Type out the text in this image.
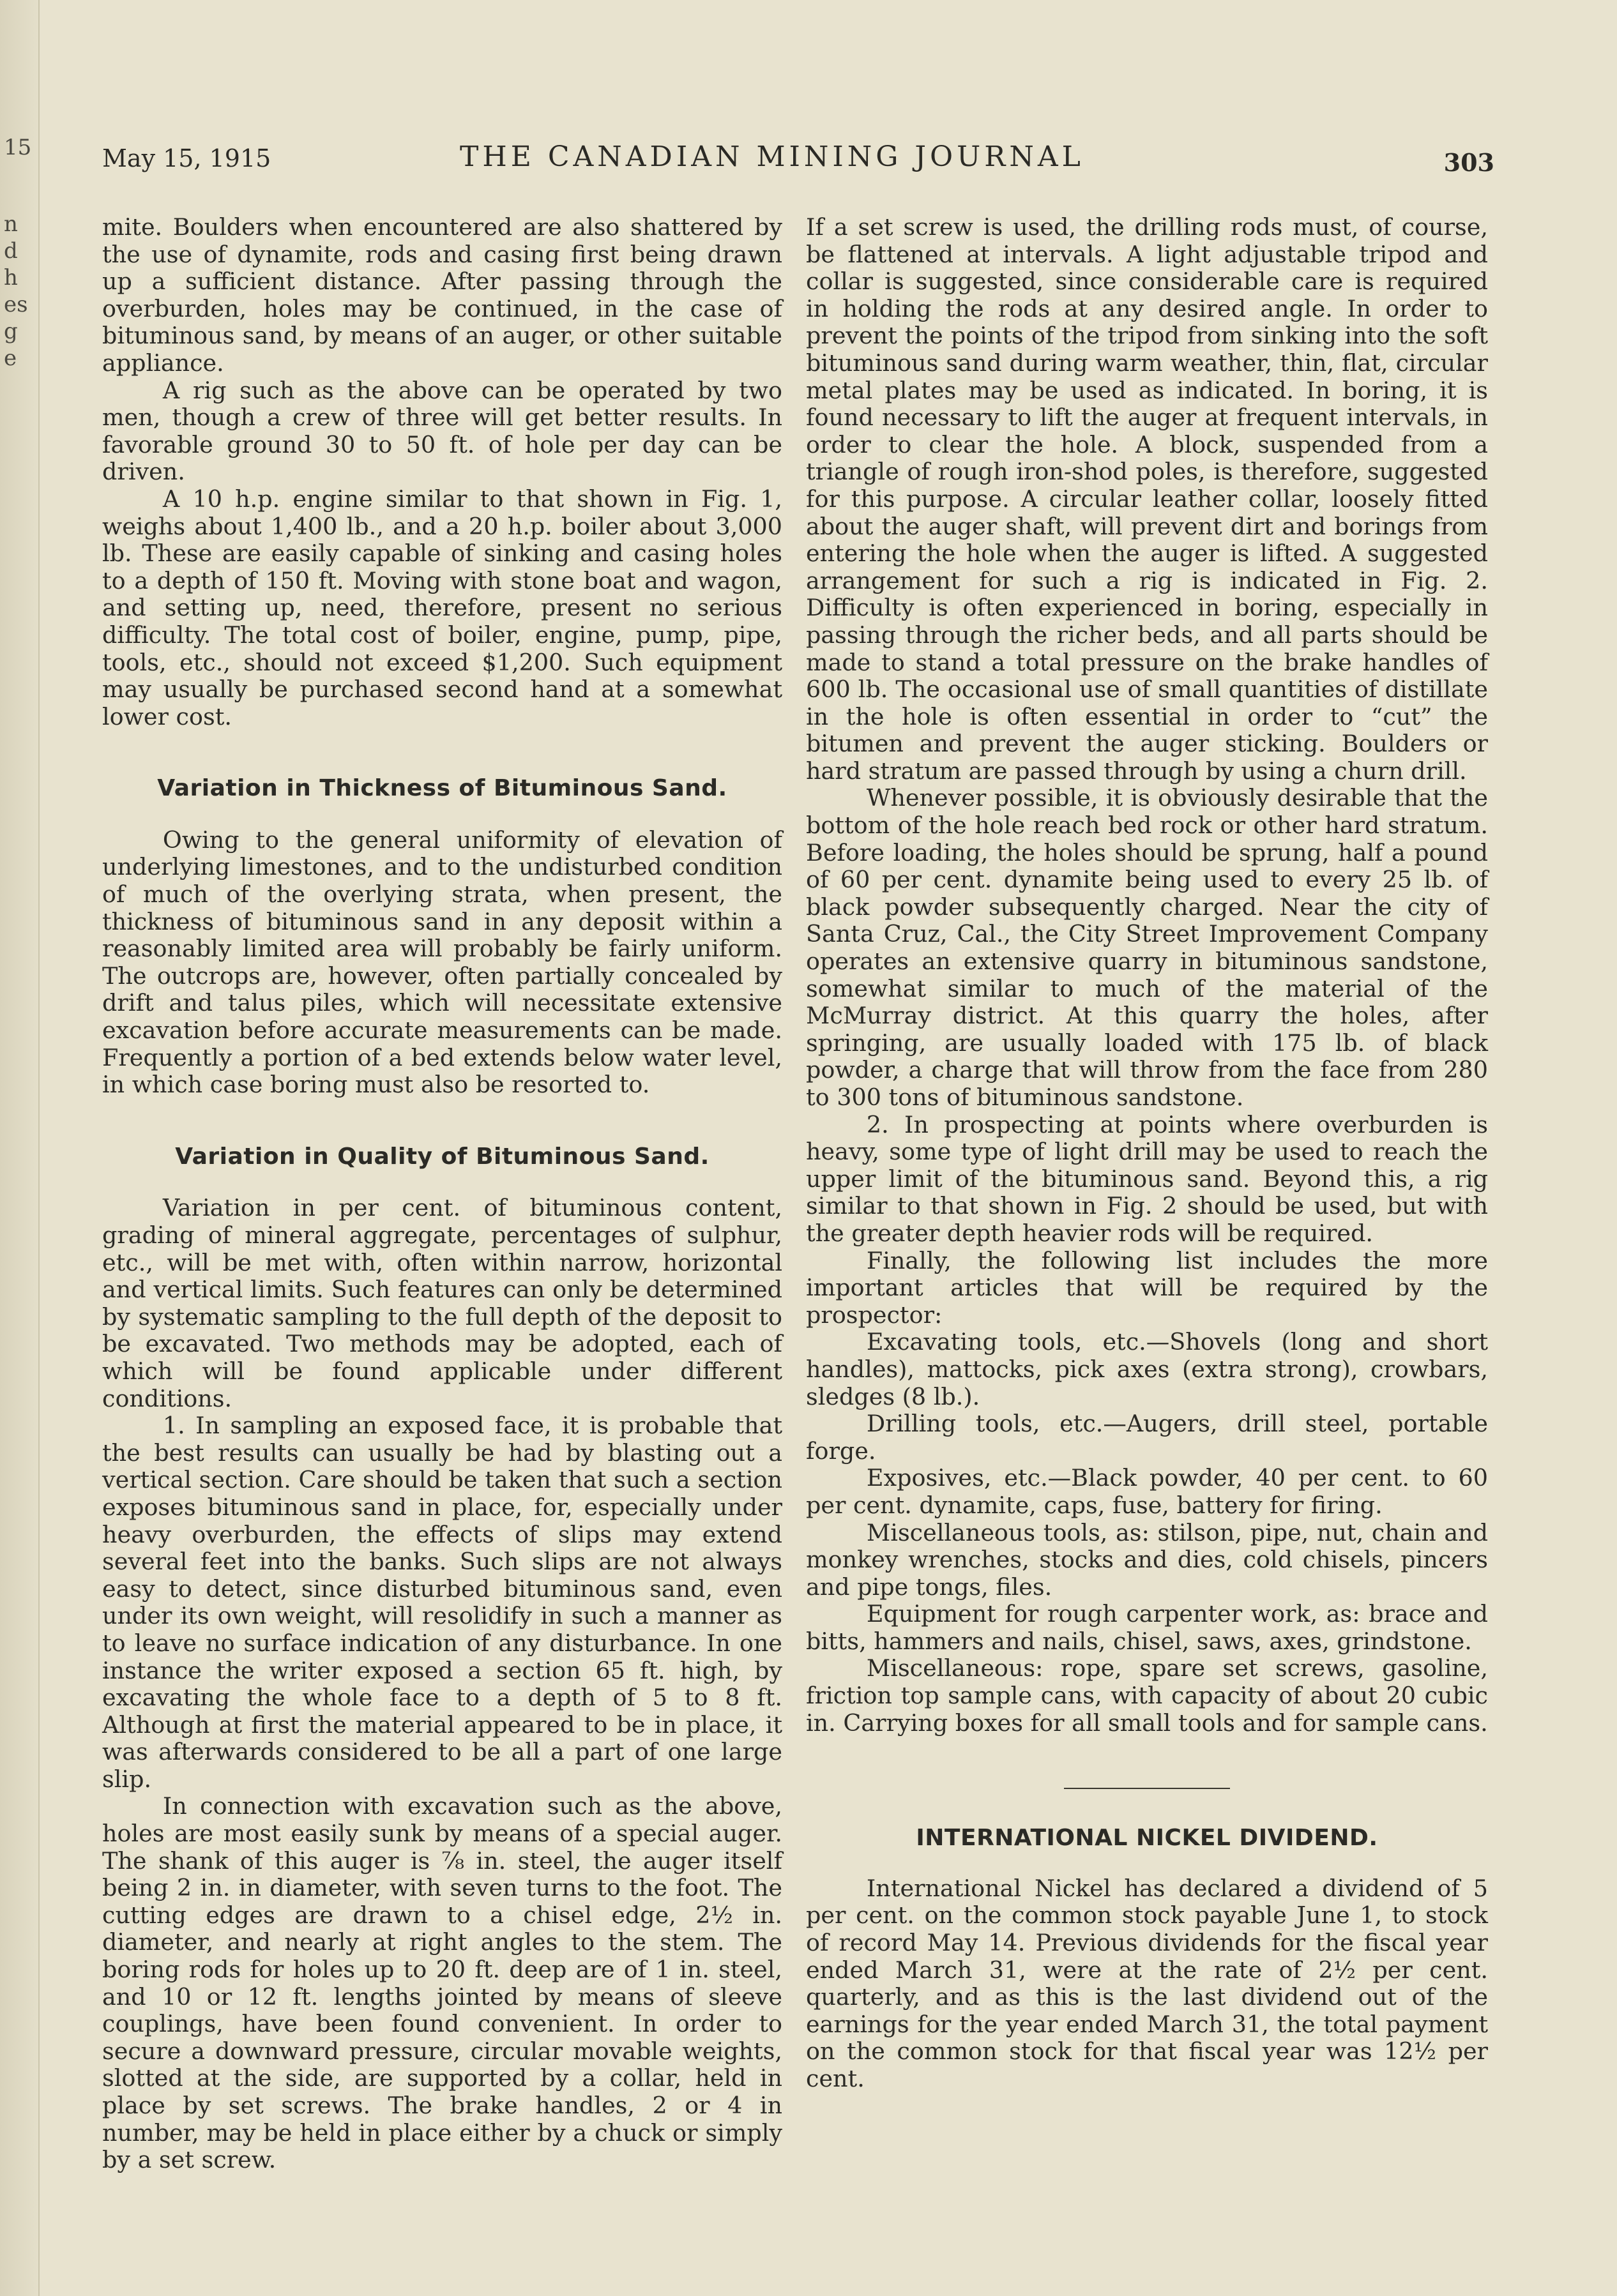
15
n
d
h
es
g
e
May 15, 1915	THE CANADIAN MINING JOURNAL	303

mite. Boulders when encountered are also shattered by the use of dynamite, rods and casing first being drawn up a sufficient distance. After passing through the overburden, holes may be continued, in the case of bituminous sand, by means of an auger, or other suitable appliance.

A rig such as the above can be operated by two men, though a crew of three will get better results. In favorable ground 30 to 50 ft. of hole per day can be driven.

A 10 h.p. engine similar to that shown in Fig. 1, weighs about 1,400 lb., and a 20 h.p. boiler about 3,000 lb. These are easily capable of sinking and casing holes to a depth of 150 ft. Moving with stone boat and wagon, and setting up, need, therefore, present no serious difficulty. The total cost of boiler, engine, pump, pipe, tools, etc., should not exceed $1,200. Such equipment may usually be purchased second hand at a somewhat lower cost.

Variation in Thickness of Bituminous Sand.

Owing to the general uniformity of elevation of underlying limestones, and to the undisturbed condition of much of the overlying strata, when present, the thickness of bituminous sand in any deposit within a reasonably limited area will probably be fairly uniform. The outcrops are, however, often partially concealed by drift and talus piles, which will necessitate extensive excavation before accurate measurements can be made. Frequently a portion of a bed extends below water level, in which case boring must also be resorted to.

Variation in Quality of Bituminous Sand.

Variation in per cent. of bituminous content, grading of mineral aggregate, percentages of sulphur, etc., will be met with, often within narrow, horizontal and vertical limits. Such features can only be determined by systematic sampling to the full depth of the deposit to be excavated. Two methods may be adopted, each of which will be found applicable under different conditions.

1. In sampling an exposed face, it is probable that the best results can usually be had by blasting out a vertical section. Care should be taken that such a section exposes bituminous sand in place, for, especially under heavy overburden, the effects of slips may extend several feet into the banks. Such slips are not always easy to detect, since disturbed bituminous sand, even under its own weight, will resolidify in such a manner as to leave no surface indication of any disturbance. In one instance the writer exposed a section 65 ft. high, by excavating the whole face to a depth of 5 to 8 ft. Although at first the material appeared to be in place, it was afterwards considered to be all a part of one large slip.

In connection with excavation such as the above, holes are most easily sunk by means of a special auger. The shank of this auger is ⅞ in. steel, the auger itself being 2 in. in diameter, with seven turns to the foot. The cutting edges are drawn to a chisel edge, 2½ in. diameter, and nearly at right angles to the stem. The boring rods for holes up to 20 ft. deep are of 1 in. steel, and 10 or 12 ft. lengths jointed by means of sleeve couplings, have been found convenient. In order to secure a downward pressure, circular movable weights, slotted at the side, are supported by a collar, held in place by set screws. The brake handles, 2 or 4 in number, may be held in place either by a chuck or simply by a set screw.

If a set screw is used, the drilling rods must, of course, be flattened at intervals. A light adjustable tripod and collar is suggested, since considerable care is required in holding the rods at any desired angle. In order to prevent the points of the tripod from sinking into the soft bituminous sand during warm weather, thin, flat, circular metal plates may be used as indicated. In boring, it is found necessary to lift the auger at frequent intervals, in order to clear the hole. A block, suspended from a triangle of rough iron-shod poles, is therefore, suggested for this purpose. A circular leather collar, loosely fitted about the auger shaft, will prevent dirt and borings from entering the hole when the auger is lifted. A suggested arrangement for such a rig is indicated in Fig. 2. Difficulty is often experienced in boring, especially in passing through the richer beds, and all parts should be made to stand a total pressure on the brake handles of 600 lb. The occasional use of small quantities of distillate in the hole is often essential in order to “cut” the bitumen and prevent the auger sticking. Boulders or hard stratum are passed through by using a churn drill.

Whenever possible, it is obviously desirable that the bottom of the hole reach bed rock or other hard stratum. Before loading, the holes should be sprung, half a pound of 60 per cent. dynamite being used to every 25 lb. of black powder subsequently charged. Near the city of Santa Cruz, Cal., the City Street Improvement Company operates an extensive quarry in bituminous sandstone, somewhat similar to much of the material of the McMurray district. At this quarry the holes, after springing, are usually loaded with 175 lb. of black powder, a charge that will throw from the face from 280 to 300 tons of bituminous sandstone.

2. In prospecting at points where overburden is heavy, some type of light drill may be used to reach the upper limit of the bituminous sand. Beyond this, a rig similar to that shown in Fig. 2 should be used, but with the greater depth heavier rods will be required.

Finally, the following list includes the more important articles that will be required by the prospector:

Excavating tools, etc.—Shovels (long and short handles), mattocks, pick axes (extra strong), crowbars, sledges (8 lb.).

Drilling tools, etc.—Augers, drill steel, portable forge.

Exposives, etc.—Black powder, 40 per cent. to 60 per cent. dynamite, caps, fuse, battery for firing.

Miscellaneous tools, as: stilson, pipe, nut, chain and monkey wrenches, stocks and dies, cold chisels, pincers and pipe tongs, files.

Equipment for rough carpenter work, as: brace and bitts, hammers and nails, chisel, saws, axes, grindstone.

Miscellaneous: rope, spare set screws, gasoline, friction top sample cans, with capacity of about 20 cubic in. Carrying boxes for all small tools and for sample cans.

INTERNATIONAL NICKEL DIVIDEND.

International Nickel has declared a dividend of 5 per cent. on the common stock payable June 1, to stock of record May 14. Previous dividends for the fiscal year ended March 31, were at the rate of 2½ per cent. quarterly, and as this is the last dividend out of the earnings for the year ended March 31, the total payment on the common stock for that fiscal year was 12½ per cent.
